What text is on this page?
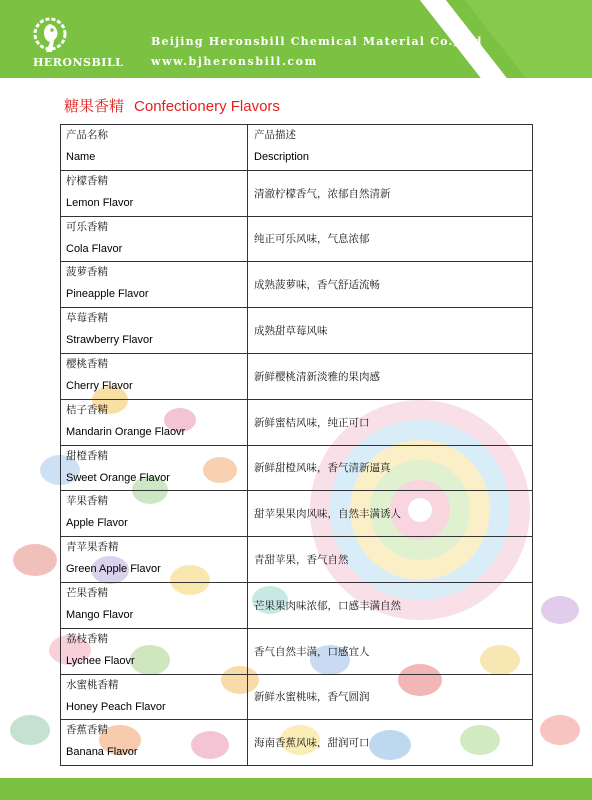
HERONSBILL
Beijing Heronsbill Chemical Material Co.,Ltd
www.bjheronsbill.com
糖果香精 Confectionery Flavors
产品名称
Name
产品描述
Description
柠檬香精
Lemon Flavor
清澈柠檬香气，浓郁自然清新
可乐香精
Cola Flavor
纯正可乐风味，气息浓郁
菠萝香精
Pineapple Flavor
成熟菠萝味，香气舒适流畅
草莓香精
Strawberry Flavor
成熟甜草莓风味
樱桃香精
Cherry Flavor
新鲜樱桃清新淡雅的果肉感
桔子香精
Mandarin Orange Flaovr
新鲜蜜桔风味，纯正可口
甜橙香精
Sweet Orange Flavor
新鲜甜橙风味，香气清新逼真
苹果香精
Apple Flavor
甜苹果果肉风味，自然丰满诱人
青苹果香精
Green Apple Flavor
青甜苹果，香气自然
芒果香精
Mango Flavor
芒果果肉味浓郁，口感丰满自然
荔枝香精
Lychee Flaovr
香气自然丰满，口感宜人
水蜜桃香精
Honey Peach Flavor
新鲜水蜜桃味，香气圆润
香蕉香精
Banana Flavor
海南香蕉风味，甜润可口
